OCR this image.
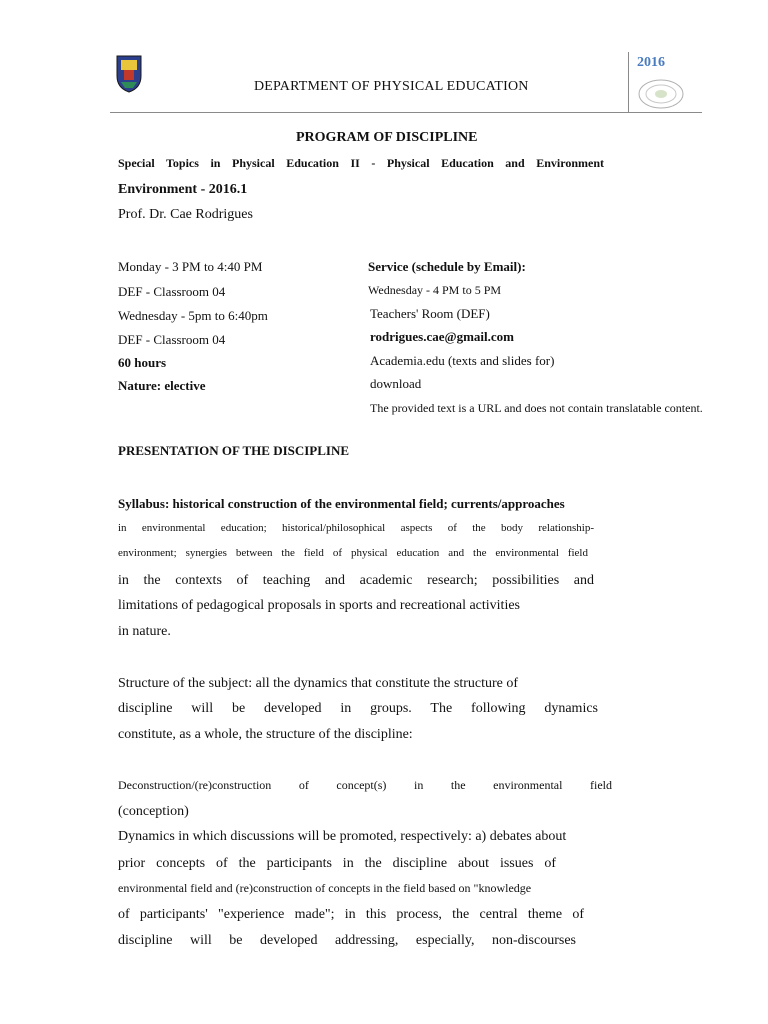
DEPARTMENT OF PHYSICAL EDUCATION
2016
PROGRAM OF DISCIPLINE
Special Topics in Physical Education II - Physical Education and Environment
Environment - 2016.1
Prof. Dr. Cae Rodrigues
Monday - 3 PM to 4:40 PM
DEF - Classroom 04
Wednesday - 5pm to 6:40pm
DEF - Classroom 04
60 hours
Nature: elective
Service (schedule by Email):
Wednesday - 4 PM to 5 PM
Teachers' Room (DEF)
rodrigues.cae@gmail.com
Academia.edu (texts and slides for)
download
The provided text is a URL and does not contain translatable content.
PRESENTATION OF THE DISCIPLINE
Syllabus: historical construction of the environmental field; currents/approaches
in environmental education; historical/philosophical aspects of the body relationship-
environment; synergies between the field of physical education and the environmental field
in the contexts of teaching and academic research; possibilities and
limitations of pedagogical proposals in sports and recreational activities
in nature.
Structure of the subject: all the dynamics that constitute the structure of
discipline will be developed in groups. The following dynamics
constitute, as a whole, the structure of the discipline:
Deconstruction/(re)construction of concept(s) in the environmental field
(conception)
Dynamics in which discussions will be promoted, respectively: a) debates about
prior concepts of the participants in the discipline about issues of
environmental field and (re)construction of concepts in the field based on "knowledge
of participants' "experience made"; in this process, the central theme of
discipline will be developed addressing, especially, non-discourses
